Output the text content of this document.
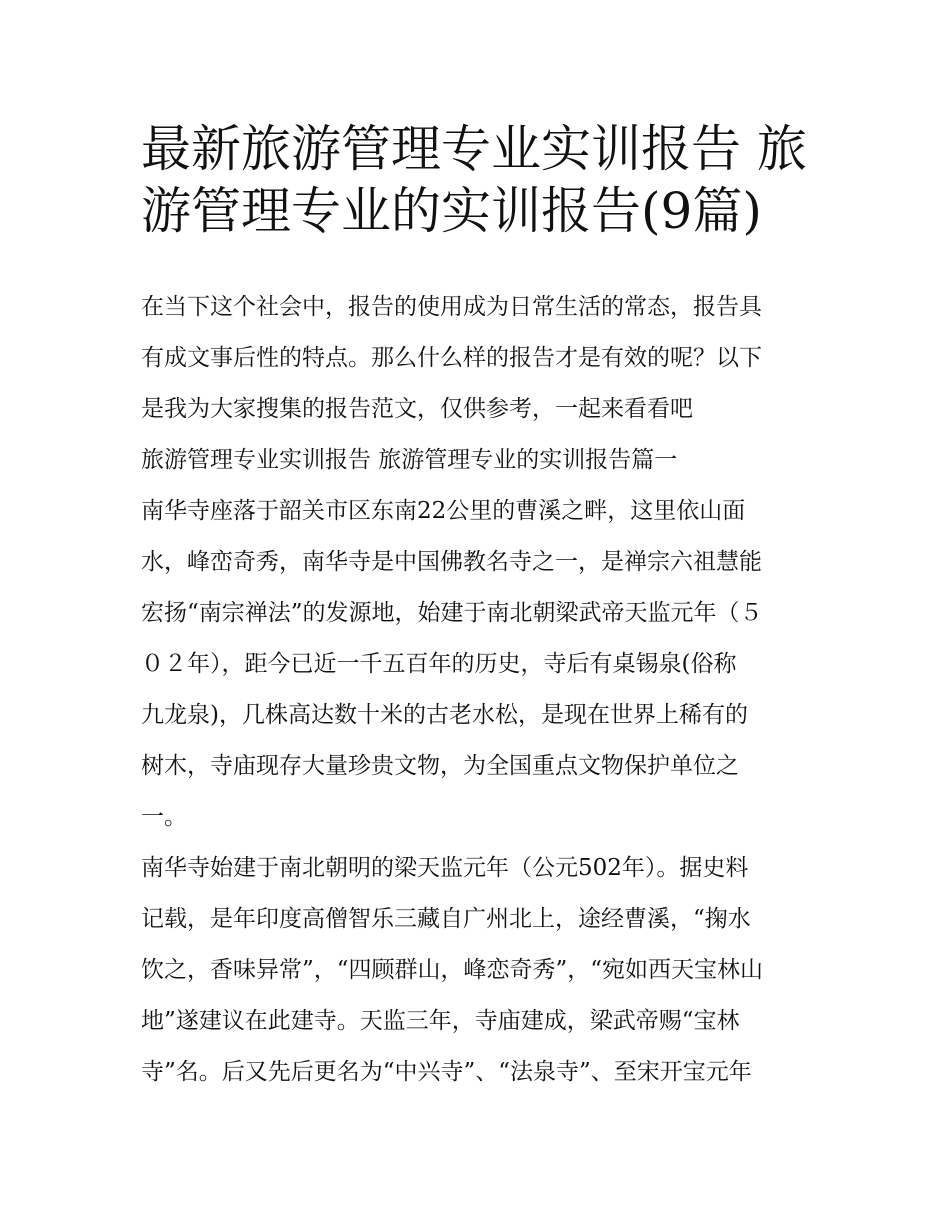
最新旅游管理专业实训报告 旅
游管理专业的实训报告(9篇)
在当下这个社会中，报告的使用成为日常生活的常态，报告具
有成文事后性的特点。那么什么样的报告才是有效的呢？以下
是我为大家搜集的报告范文，仅供参考，一起来看看吧
旅游管理专业实训报告 旅游管理专业的实训报告篇一
南华寺座落于韶关市区东南22公里的曹溪之畔，这里依山面
水，峰峦奇秀，南华寺是中国佛教名寺之一，是禅宗六祖慧能
宏扬“南宗禅法”的发源地，始建于南北朝梁武帝天监元年（５
０２年），距今已近一千五百年的历史，寺后有桌锡泉(俗称
九龙泉)，几株高达数十米的古老水松，是现在世界上稀有的
树木，寺庙现存大量珍贵文物，为全国重点文物保护单位之
一。
南华寺始建于南北朝明的梁天监元年（公元502年）。据史料
记载，是年印度高僧智乐三藏自广州北上，途经曹溪，“掬水
饮之，香味异常”，“四顾群山，峰恋奇秀”，“宛如西天宝林山
地”遂建议在此建寺。天监三年，寺庙建成，梁武帝赐“宝林
寺”名。后又先后更名为“中兴寺”、“法泉寺”、至宋开宝元年
